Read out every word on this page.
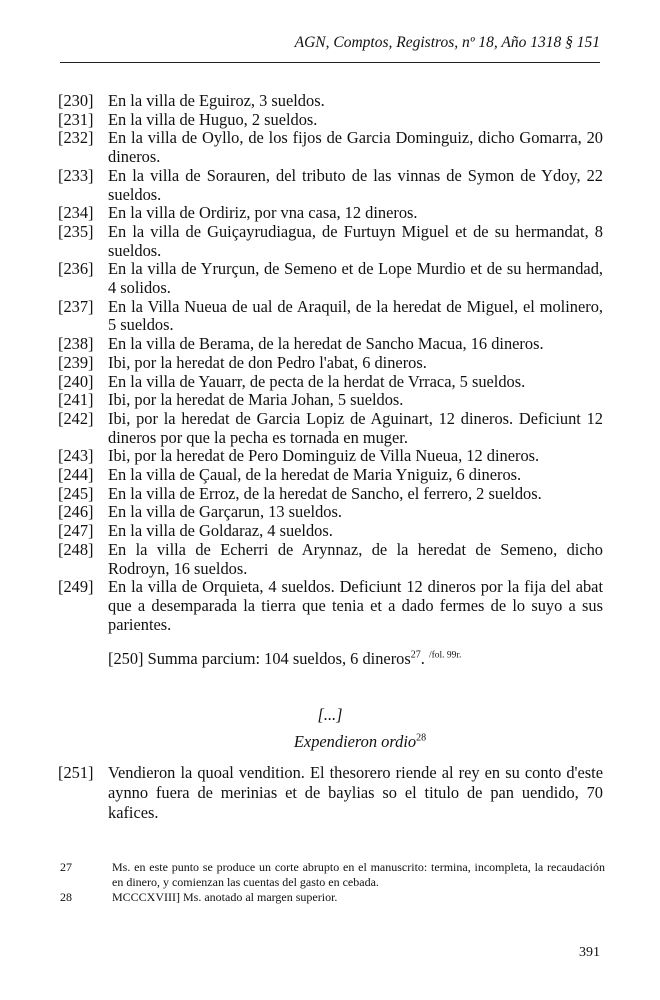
AGN, Comptos, Registros, nº 18, Año 1318 § 151
[230] En la villa de Eguiroz, 3 sueldos.
[231] En la villa de Huguo, 2 sueldos.
[232] En la villa de Oyllo, de los fijos de Garcia Dominguiz, dicho Gomarra, 20 dineros.
[233] En la villa de Sorauren, del tributo de las vinnas de Symon de Ydoy, 22 sueldos.
[234] En la villa de Ordiriz, por vna casa, 12 dineros.
[235] En la villa de Guiçayrudiagua, de Furtuyn Miguel et de su hermandat, 8 sueldos.
[236] En la villa de Yrurçun, de Semeno et de Lope Murdio et de su hermandad, 4 solidos.
[237] En la Villa Nueua de ual de Araquil, de la heredat de Miguel, el molinero, 5 sueldos.
[238] En la villa de Berama, de la heredat de Sancho Macua, 16 dineros.
[239] Ibi, por la heredat de don Pedro l'abat, 6 dineros.
[240] En la villa de Yauarr, de pecta de la herdat de Vrraca, 5 sueldos.
[241] Ibi, por la heredat de Maria Johan, 5 sueldos.
[242] Ibi, por la heredat de Garcia Lopiz de Aguinart, 12 dineros. Deficiunt 12 dineros por que la pecha es tornada en muger.
[243] Ibi, por la heredat de Pero Dominguiz de Villa Nueua, 12 dineros.
[244] En la villa de Çaual, de la heredat de Maria Yniguiz, 6 dineros.
[245] En la villa de Erroz, de la heredat de Sancho, el ferrero, 2 sueldos.
[246] En la villa de Garçarun, 13 sueldos.
[247] En la villa de Goldaraz, 4 sueldos.
[248] En la villa de Echerri de Arynnaz, de la heredat de Semeno, dicho Rodroyn, 16 sueldos.
[249] En la villa de Orquieta, 4 sueldos. Deficiunt 12 dineros por la fija del abat que a desemparada la tierra que tenia et a dado fermes de lo suyo a sus parientes.
[250] Summa parcium: 104 sueldos, 6 dineros$^{27}$. $^{/fol. 99r.}$
[...]
Expendieron ordio$^{28}$
[251] Vendieron la quoal vendition. El thesorero riende al rey en su conto d'este aynno fuera de merinias et de baylias so el titulo de pan uendido, 70 kafices.
27	Ms. en este punto se produce un corte abrupto en el manuscrito: termina, incompleta, la recaudación en dinero, y comienzan las cuentas del gasto en cebada.
28	MCCCXVIII] Ms. anotado al margen superior.
391
